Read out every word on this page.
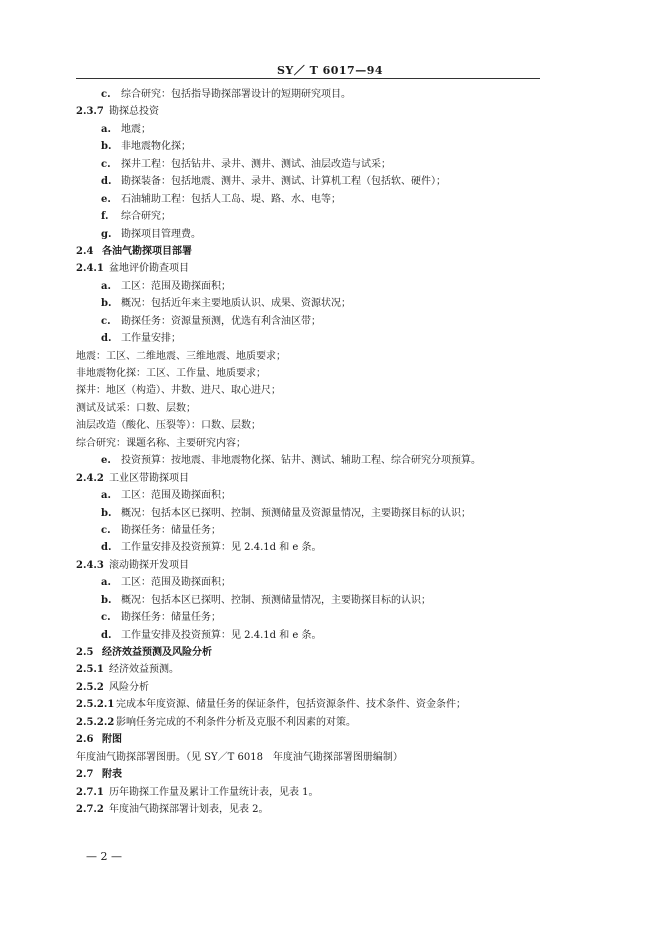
SY／ T 6017—94
c. 综合研究：包括指导勘探部署设计的短期研究项目。
2.3.7 勘探总投资
a. 地震；
b. 非地震物化探；
c. 探井工程：包括钻井、录井、测井、测试、油层改造与试采；
d. 勘探装备：包括地震、测井、录井、测试、计算机工程（包括软、硬件）；
e. 石油辅助工程：包括人工岛、堤、路、水、电等；
f. 综合研究；
g. 勘探项目管理费。
2.4 各油气勘探项目部署
2.4.1 盆地评价勘查项目
a. 工区：范围及勘探面积；
b. 概况：包括近年来主要地质认识、成果、资源状况；
c. 勘探任务：资源量预测，优选有利含油区带；
d. 工作量安排；
地震：工区、二维地震、三维地震、地质要求；
非地震物化探：工区、工作量、地质要求；
探井：地区（构造）、井数、进尺、取心进尺；
测试及试采：口数、层数；
油层改造（酸化、压裂等）：口数、层数；
综合研究：课题名称、主要研究内容；
e. 投资预算：按地震、非地震物化探、钻井、测试、辅助工程、综合研究分项预算。
2.4.2 工业区带勘探项目
a. 工区：范围及勘探面积；
b. 概况：包括本区已探明、控制、预测储量及资源量情况，主要勘探目标的认识；
c. 勘探任务：储量任务；
d. 工作量安排及投资预算：见 2.4.1d 和 e 条。
2.4.3 滚动勘探开发项目
a. 工区：范围及勘探面积；
b. 概况：包括本区已探明、控制、预测储量情况，主要勘探目标的认识；
c. 勘探任务：储量任务；
d. 工作量安排及投资预算：见 2.4.1d 和 e 条。
2.5 经济效益预测及风险分析
2.5.1 经济效益预测。
2.5.2 风险分析
2.5.2.1 完成本年度资源、储量任务的保证条件，包括资源条件、技术条件、资金条件；
2.5.2.2 影响任务完成的不利条件分析及克服不利因素的对策。
2.6 附图
年度油气勘探部署图册。（见 SY／T 6018　年度油气勘探部署图册编制）
2.7 附表
2.7.1 历年勘探工作量及累计工作量统计表，见表 1。
2.7.2 年度油气勘探部署计划表，见表 2。
— 2 —
